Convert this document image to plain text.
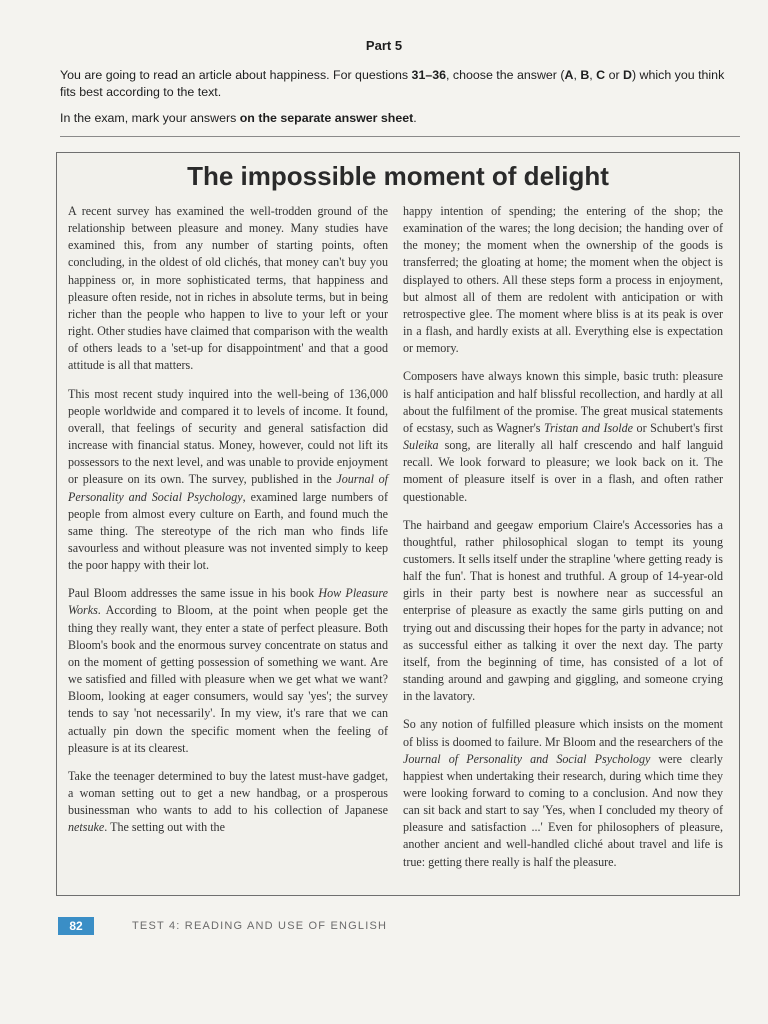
Part 5

You are going to read an article about happiness. For questions 31–36, choose the answer (A, B, C or D) which you think fits best according to the text.

In the exam, mark your answers on the separate answer sheet.

The impossible moment of delight

A recent survey has examined the well-trodden ground of the relationship between pleasure and money. Many studies have examined this, from any number of starting points, often concluding, in the oldest of old clichés, that money can't buy you happiness or, in more sophisticated terms, that happiness and pleasure often reside, not in riches in absolute terms, but in being richer than the people who happen to live to your left or your right. Other studies have claimed that comparison with the wealth of others leads to a 'set-up for disappointment' and that a good attitude is all that matters.

This most recent study inquired into the well-being of 136,000 people worldwide and compared it to levels of income. It found, overall, that feelings of security and general satisfaction did increase with financial status. Money, however, could not lift its possessors to the next level, and was unable to provide enjoyment or pleasure on its own. The survey, published in the Journal of Personality and Social Psychology, examined large numbers of people from almost every culture on Earth, and found much the same thing. The stereotype of the rich man who finds life savourless and without pleasure was not invented simply to keep the poor happy with their lot.

Paul Bloom addresses the same issue in his book How Pleasure Works. According to Bloom, at the point when people get the thing they really want, they enter a state of perfect pleasure. Both Bloom's book and the enormous survey concentrate on status and on the moment of getting possession of something we want. Are we satisfied and filled with pleasure when we get what we want? Bloom, looking at eager consumers, would say 'yes'; the survey tends to say 'not necessarily'. In my view, it's rare that we can actually pin down the specific moment when the feeling of pleasure is at its clearest.

Take the teenager determined to buy the latest must-have gadget, a woman setting out to get a new handbag, or a prosperous businessman who wants to add to his collection of Japanese netsuke. The setting out with the

happy intention of spending; the entering of the shop; the examination of the wares; the long decision; the handing over of the money; the moment when the ownership of the goods is transferred; the gloating at home; the moment when the object is displayed to others. All these steps form a process in enjoyment, but almost all of them are redolent with anticipation or with retrospective glee. The moment where bliss is at its peak is over in a flash, and hardly exists at all. Everything else is expectation or memory.

Composers have always known this simple, basic truth: pleasure is half anticipation and half blissful recollection, and hardly at all about the fulfilment of the promise. The great musical statements of ecstasy, such as Wagner's Tristan and Isolde or Schubert's first Suleika song, are literally all half crescendo and half languid recall. We look forward to pleasure; we look back on it. The moment of pleasure itself is over in a flash, and often rather questionable.

The hairband and geegaw emporium Claire's Accessories has a thoughtful, rather philosophical slogan to tempt its young customers. It sells itself under the strapline 'where getting ready is half the fun'. That is honest and truthful. A group of 14-year-old girls in their party best is nowhere near as successful an enterprise of pleasure as exactly the same girls putting on and trying out and discussing their hopes for the party in advance; not as successful either as talking it over the next day. The party itself, from the beginning of time, has consisted of a lot of standing around and gawping and giggling, and someone crying in the lavatory.

So any notion of fulfilled pleasure which insists on the moment of bliss is doomed to failure. Mr Bloom and the researchers of the Journal of Personality and Social Psychology were clearly happiest when undertaking their research, during which time they were looking forward to coming to a conclusion. And now they can sit back and start to say 'Yes, when I concluded my theory of pleasure and satisfaction ...' Even for philosophers of pleasure, another ancient and well-handled cliché about travel and life is true: getting there really is half the pleasure.

82	TEST 4: READING AND USE OF ENGLISH
